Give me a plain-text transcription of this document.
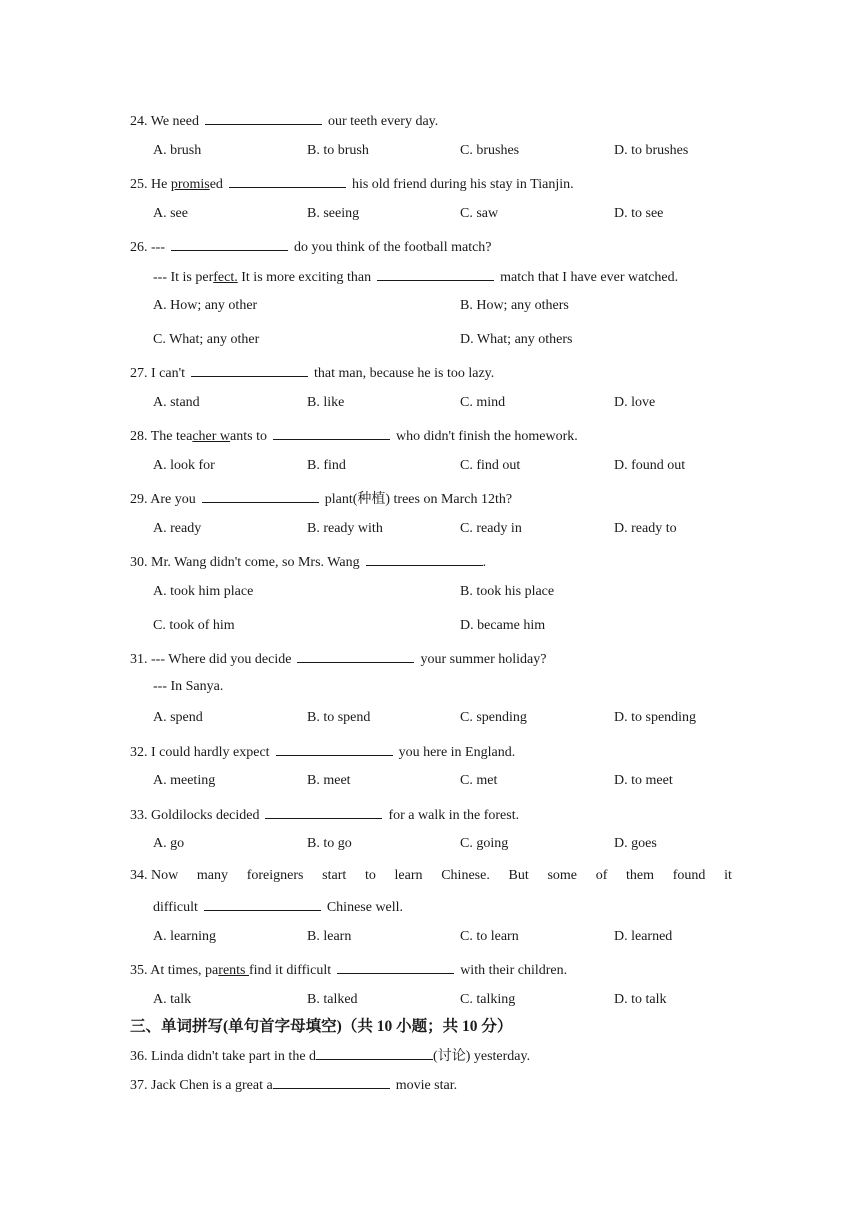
24. We need	our teeth every day.
A. brush	B. to brush	C. brushes	D. to brushes
25. He promised	his old friend during his stay in Tianjin.
A. see	B. seeing	C. saw	D. to see
26. ---	do you think of the football match?
--- It is perfect. It is more exciting than	match that I have ever watched.
A. How; any other	B. How; any others
C. What; any other	D. What; any others
27. I can't	that man, because he is too lazy.
A. stand	B. like	C. mind	D. love
28. The teacher wants to	who didn't finish the homework.
A. look for	B. find	C. find out	D. found out
29. Are you	plant(种植) trees on March 12th?
A. ready	B. ready with	C. ready in	D. ready to
30. Mr. Wang didn't come, so Mrs. Wang	.
A. took him place	B. took his place
C. took of him	D. became him
31. --- Where did you decide	your summer holiday?
--- In Sanya.
A. spend	B. to spend	C. spending	D. to spending
32. I could hardly expect	you here in England.
A. meeting	B. meet	C. met	D. to meet
33. Goldilocks decided	for a walk in the forest.
A. go	B. to go	C. going	D. goes
34. Now many foreigners start to learn Chinese. But some of them found it
difficult	Chinese well.
A. learning	B. learn	C. to learn	D. learned
35. At times, parents find it difficult	with their children.
A. talk	B. talked	C. talking	D. to talk
三、单词拼写(单句首字母填空)（共 10 小题；共 10 分）
36. Linda didn't take part in the d	(讨论) yesterday.
37. Jack Chen is a great a	movie star.
